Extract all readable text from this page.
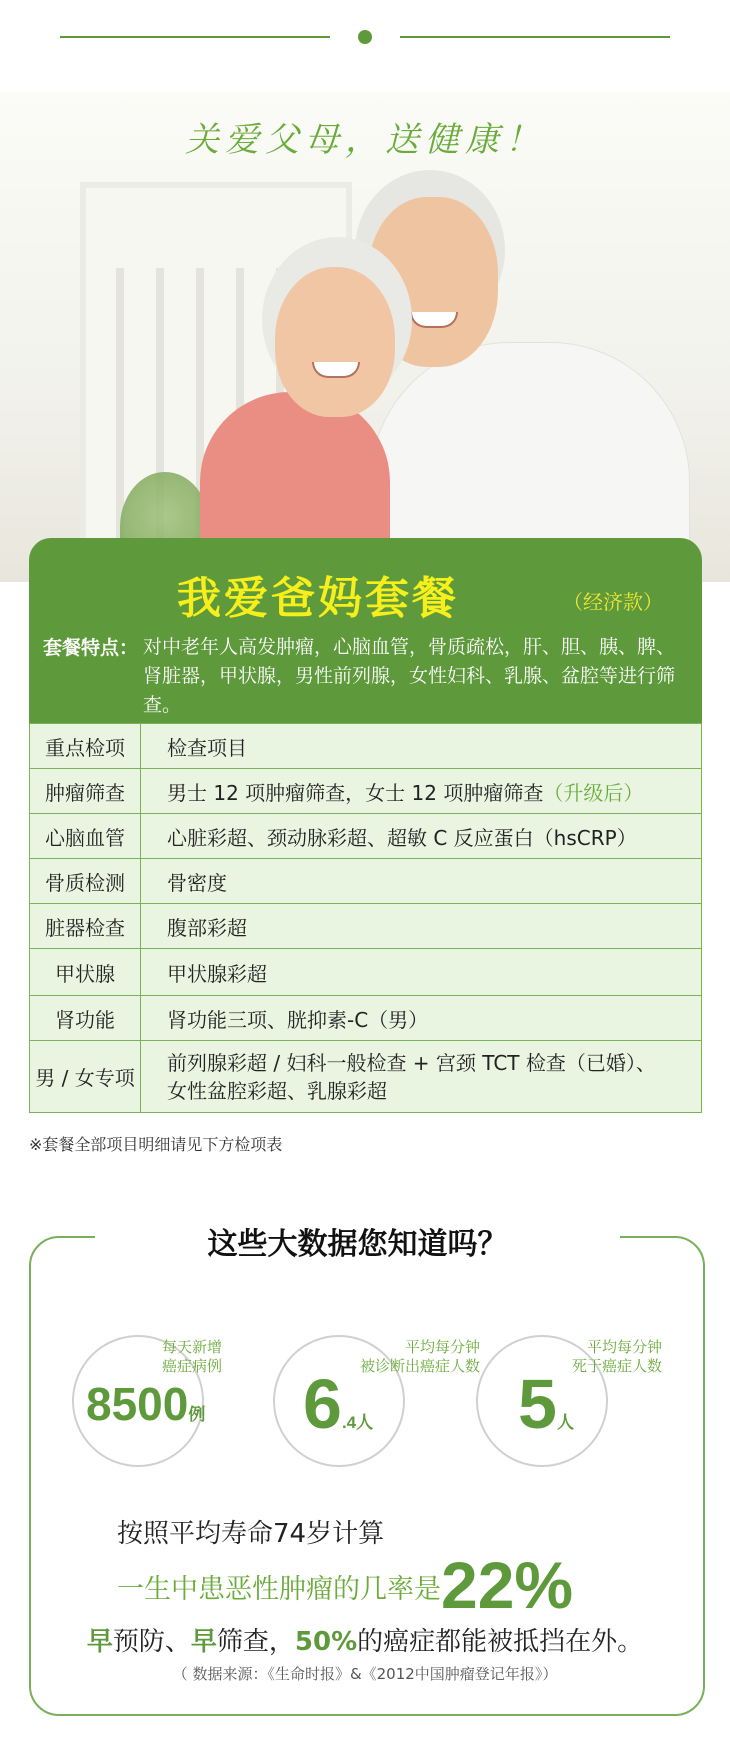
关爱父母，送健康！
我爱爸妈套餐	（经济款）
套餐特点： 对中老年人高发肿瘤，心脑血管，骨质疏松，肝、胆、胰、脾、肾脏器，甲状腺，男性前列腺，女性妇科、乳腺、盆腔等进行筛查。
重点检项	检查项目
肿瘤筛查	男士 12 项肿瘤筛查，女士 12 项肿瘤筛查（升级后）
心脑血管	心脏彩超、颈动脉彩超、超敏 C 反应蛋白（hsCRP）
骨质检测	骨密度
脏器检查	腹部彩超
甲状腺	甲状腺彩超
肾功能	肾功能三项、胱抑素-C（男）
男 / 女专项	前列腺彩超 / 妇科一般检查 + 宫颈 TCT 检查（已婚）、
女性盆腔彩超、乳腺彩超
※套餐全部项目明细请见下方检项表
这些大数据您知道吗？
每天新增
癌症病例
8500例
平均每分钟
被诊断出癌症人数
6.4人
平均每分钟
死于癌症人数
5人
按照平均寿命74岁计算
一生中患恶性肿瘤的几率是22%
早预防、早筛查，50%的癌症都能被抵挡在外。
（ 数据来源：《生命时报》&《2012中国肿瘤登记年报》）
